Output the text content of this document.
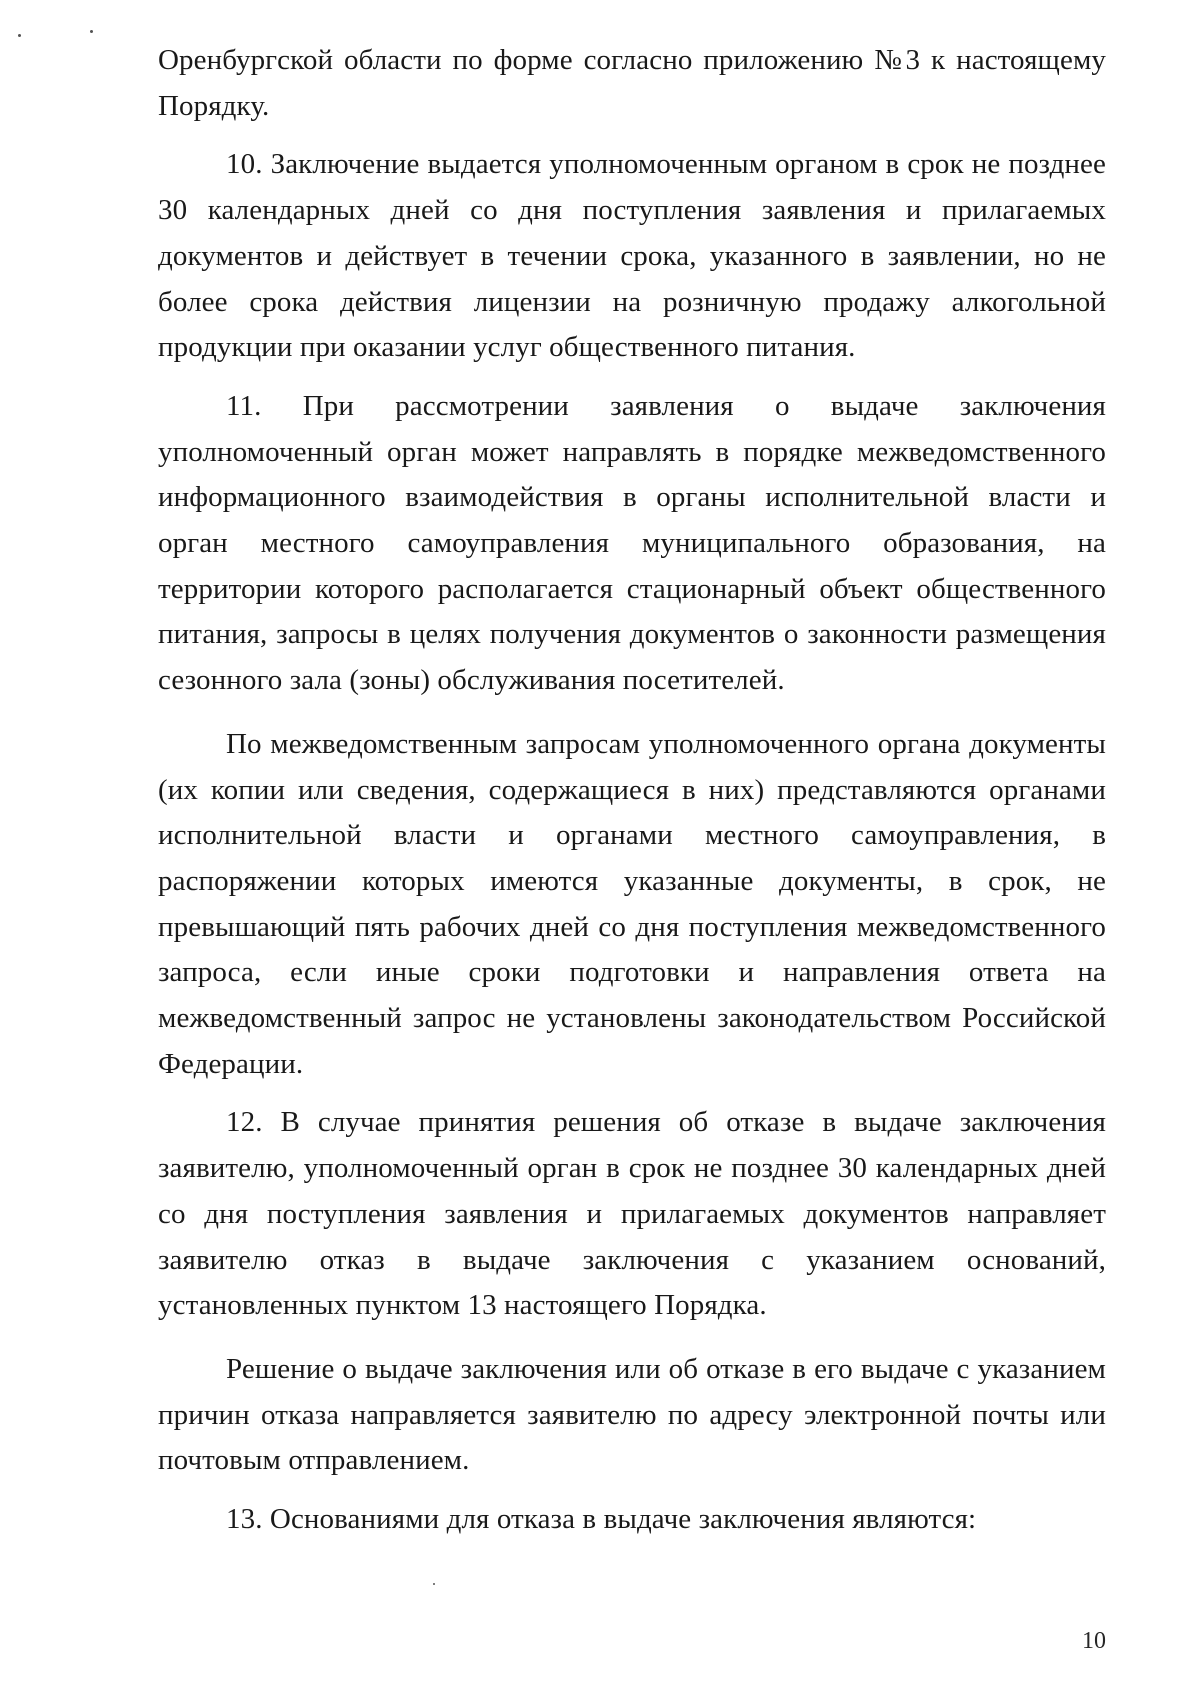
Оренбургской области по форме согласно приложению №3 к настоящему Порядку.

10. Заключение выдается уполномоченным органом в срок не позднее 30 календарных дней со дня поступления заявления и прилагаемых документов и действует в течении срока, указанного в заявлении, но не более срока действия лицензии на розничную продажу алкогольной продукции при оказании услуг общественного питания.

11. При рассмотрении заявления о выдаче заключения уполномоченный орган может направлять в порядке межведомственного информационного взаимодействия в органы исполнительной власти и орган местного самоуправления муниципального образования, на территории которого располагается стационарный объект общественного питания, запросы в целях получения документов о законности размещения сезонного зала (зоны) обслуживания посетителей.

По межведомственным запросам уполномоченного органа документы (их копии или сведения, содержащиеся в них) представляются органами исполнительной власти и органами местного самоуправления, в распоряжении которых имеются указанные документы, в срок, не превышающий пять рабочих дней со дня поступления межведомственного запроса, если иные сроки подготовки и направления ответа на межведомственный запрос не установлены законодательством Российской Федерации.

12. В случае принятия решения об отказе в выдаче заключения заявителю, уполномоченный орган в срок не позднее 30 календарных дней со дня поступления заявления и прилагаемых документов направляет заявителю отказ в выдаче заключения с указанием оснований, установленных пунктом 13 настоящего Порядка.

Решение о выдаче заключения или об отказе в его выдаче с указанием причин отказа направляется заявителю по адресу электронной почты или почтовым отправлением.

13. Основаниями для отказа в выдаче заключения являются:

10
